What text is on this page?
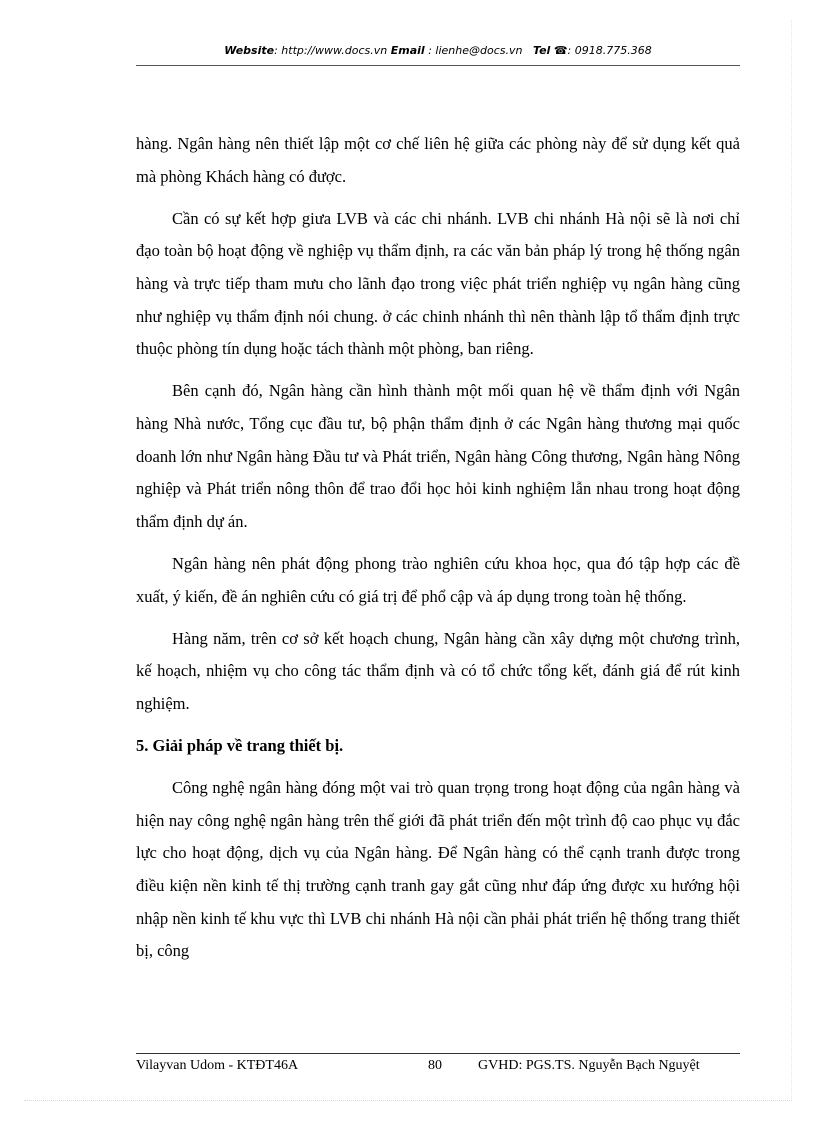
Website: http://www.docs.vn Email : lienhe@docs.vn Tel ☎: 0918.775.368

hàng. Ngân hàng nên thiết lập một cơ chế liên hệ giữa các phòng này để sử dụng kết quả mà phòng Khách hàng có được.

Cần có sự kết hợp giưa LVB và các chi nhánh. LVB chi nhánh Hà nội sẽ là nơi chỉ đạo toàn bộ hoạt động về nghiệp vụ thẩm định, ra các văn bản pháp lý trong hệ thống ngân hàng và trực tiếp tham mưu cho lãnh đạo trong việc phát triển nghiệp vụ ngân hàng cũng như nghiệp vụ thẩm định nói chung. ở các chinh nhánh thì nên thành lập tổ thẩm định trực thuộc phòng tín dụng hoặc tách thành một phòng, ban riêng.

Bên cạnh đó, Ngân hàng cần hình thành một mối quan hệ về thẩm định với Ngân hàng Nhà nước, Tổng cục đầu tư, bộ phận thẩm định ở các Ngân hàng thương mại quốc doanh lớn như Ngân hàng Đầu tư và Phát triển, Ngân hàng Công thương, Ngân hàng Nông nghiệp và Phát triển nông thôn để trao đổi học hỏi kinh nghiệm lẫn nhau trong hoạt động thẩm định dự án.

Ngân hàng nên phát động phong trào nghiên cứu khoa học, qua đó tập hợp các đề xuất, ý kiến, đề án nghiên cứu có giá trị để phổ cập và áp dụng trong toàn hệ thống.

Hàng năm, trên cơ sở kết hoạch chung, Ngân hàng cần xây dựng một chương trình, kế hoạch, nhiệm vụ cho công tác thẩm định và có tổ chức tổng kết, đánh giá để rút kinh nghiệm.

5. Giải pháp về trang thiết bị.

Công nghệ ngân hàng đóng một vai trò quan trọng trong hoạt động của ngân hàng và hiện nay công nghệ ngân hàng trên thế giới đã phát triển đến một trình độ cao phục vụ đắc lực cho hoạt động, dịch vụ của Ngân hàng. Để Ngân hàng có thể cạnh tranh được trong điều kiện nền kinh tế thị trường cạnh tranh gay gắt cũng như đáp ứng được xu hướng hội nhập nền kinh tế khu vực thì LVB chi nhánh Hà nội cần phải phát triển hệ thống trang thiết bị, công

Vilayvan Udom - KTĐT46A	80	GVHD: PGS.TS. Nguyễn Bạch Nguyệt
